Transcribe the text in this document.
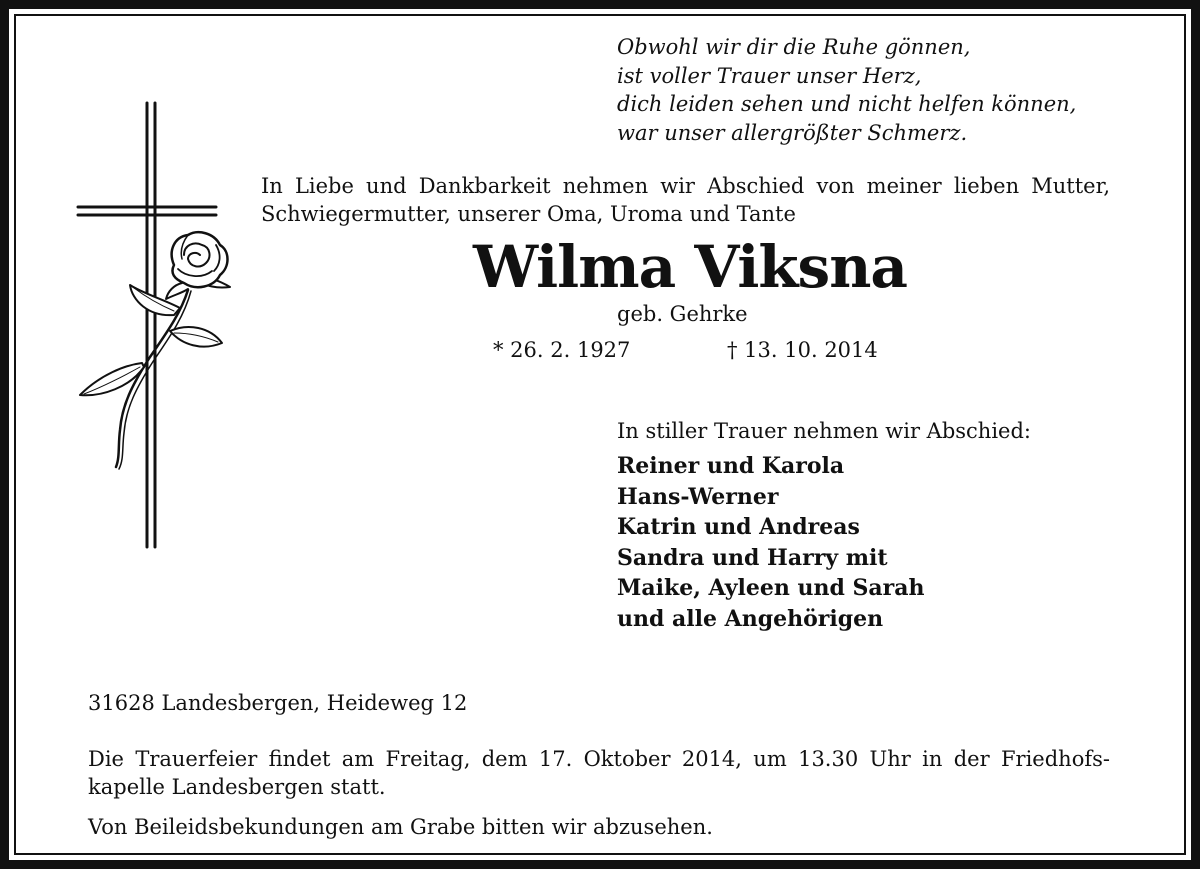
Obwohl wir dir die Ruhe gönnen,
ist voller Trauer unser Herz,
dich leiden sehen und nicht helfen können,
war unser allergrößter Schmerz.
In Liebe und Dankbarkeit nehmen wir Abschied von meiner lieben Mutter, Schwiegermutter, unserer Oma, Uroma und Tante
Wilma Viksna
geb. Gehrke
* 26. 2. 1927	† 13. 10. 2014
In stiller Trauer nehmen wir Abschied:
Reiner und Karola
Hans-Werner
Katrin und Andreas
Sandra und Harry mit
Maike, Ayleen und Sarah
und alle Angehörigen
31628 Landesbergen, Heideweg 12
Die Trauerfeier findet am Freitag, dem 17. Oktober 2014, um 13.30 Uhr in der Friedhofskapelle Landesbergen statt.
Von Beileidsbekundungen am Grabe bitten wir abzusehen.
